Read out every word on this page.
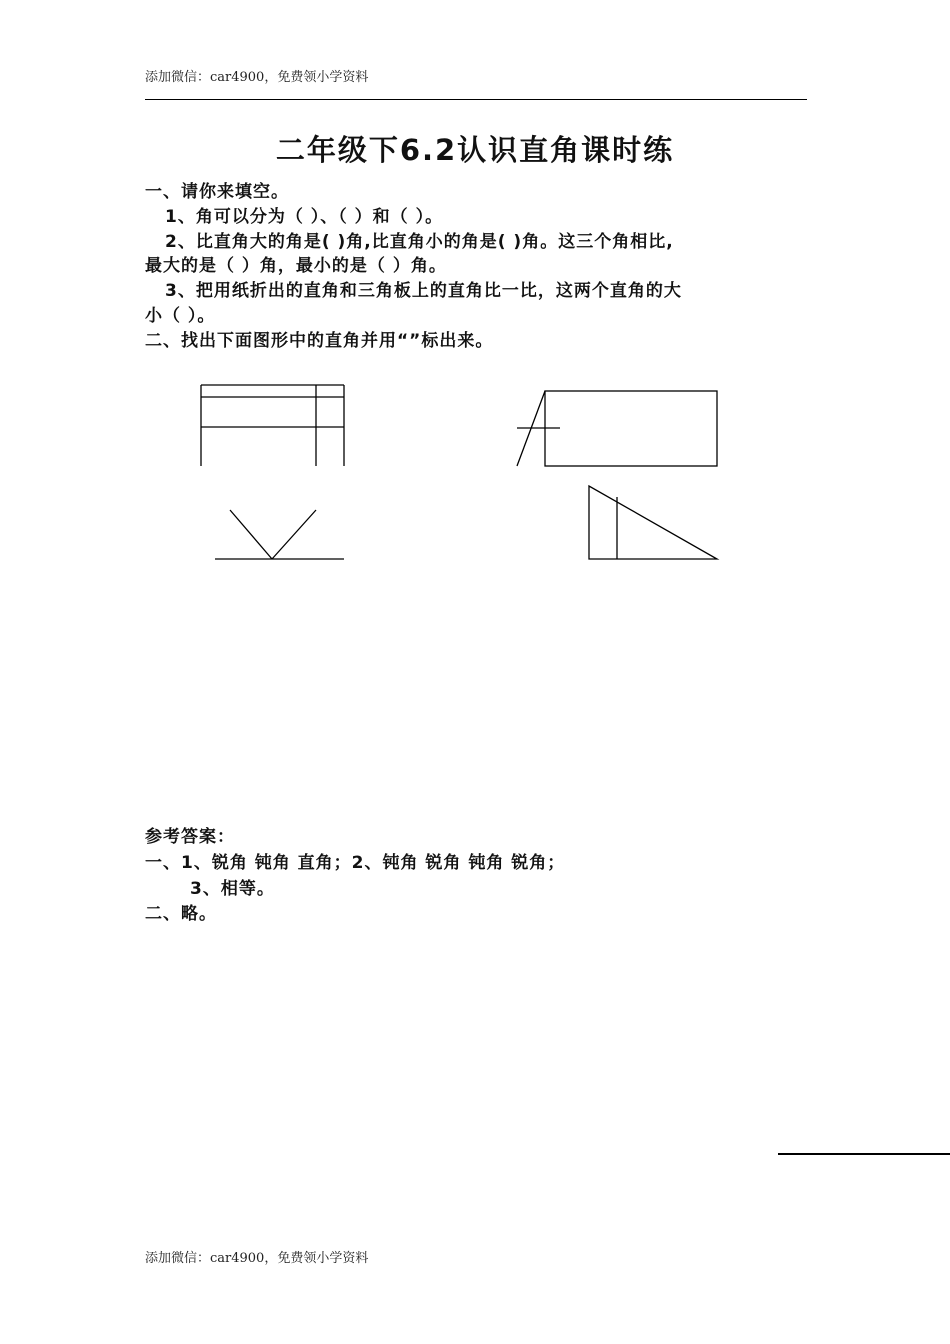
添加微信：car4900，免费领小学资料
二年级下6.2认识直角课时练
一、请你来填空。
1、角可以分为（ ）、（ ）和（ ）。
2、比直角大的角是( )角,比直角小的角是( )角。这三个角相比,
最大的是（ ）角，最小的是（ ）角。
3、把用纸折出的直角和三角板上的直角比一比，这两个直角的大
小（ ）。
二、找出下面图形中的直角并用“”标出来。
参考答案：
一、1、锐角 钝角 直角；2、钝角 锐角 钝角 锐角；
3、相等。
二、略。
添加微信：car4900，免费领小学资料
